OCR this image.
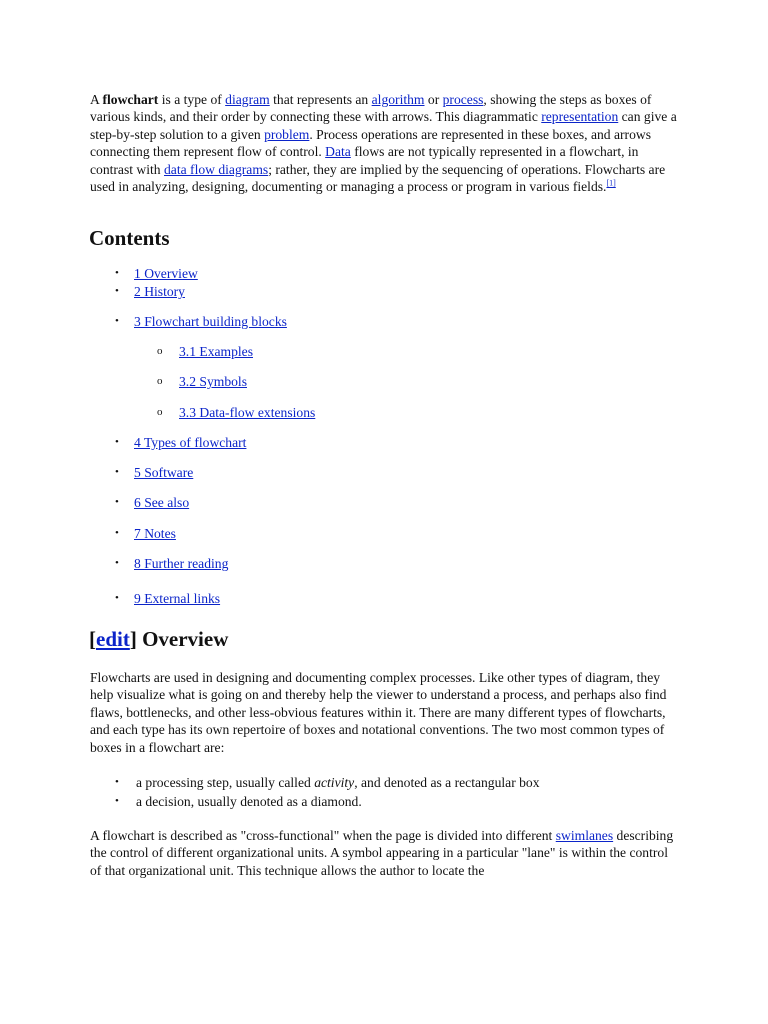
A flowchart is a type of diagram that represents an algorithm or process, showing the steps as boxes of various kinds, and their order by connecting these with arrows. This diagrammatic representation can give a step-by-step solution to a given problem. Process operations are represented in these boxes, and arrows connecting them represent flow of control. Data flows are not typically represented in a flowchart, in contrast with data flow diagrams; rather, they are implied by the sequencing of operations. Flowcharts are used in analyzing, designing, documenting or managing a process or program in various fields.[1]

Contents
• 1 Overview
• 2 History
• 3 Flowchart building blocks
o 3.1 Examples
o 3.2 Symbols
o 3.3 Data-flow extensions
• 4 Types of flowchart
• 5 Software
• 6 See also
• 7 Notes
• 8 Further reading
• 9 External links
[edit] Overview

Flowcharts are used in designing and documenting complex processes. Like other types of diagram, they help visualize what is going on and thereby help the viewer to understand a process, and perhaps also find flaws, bottlenecks, and other less-obvious features within it. There are many different types of flowcharts, and each type has its own repertoire of boxes and notational conventions. The two most common types of boxes in a flowchart are:

• a processing step, usually called activity, and denoted as a rectangular box
• a decision, usually denoted as a diamond.

A flowchart is described as "cross-functional" when the page is divided into different swimlanes describing the control of different organizational units. A symbol appearing in a particular "lane" is within the control of that organizational unit. This technique allows the author to locate the
